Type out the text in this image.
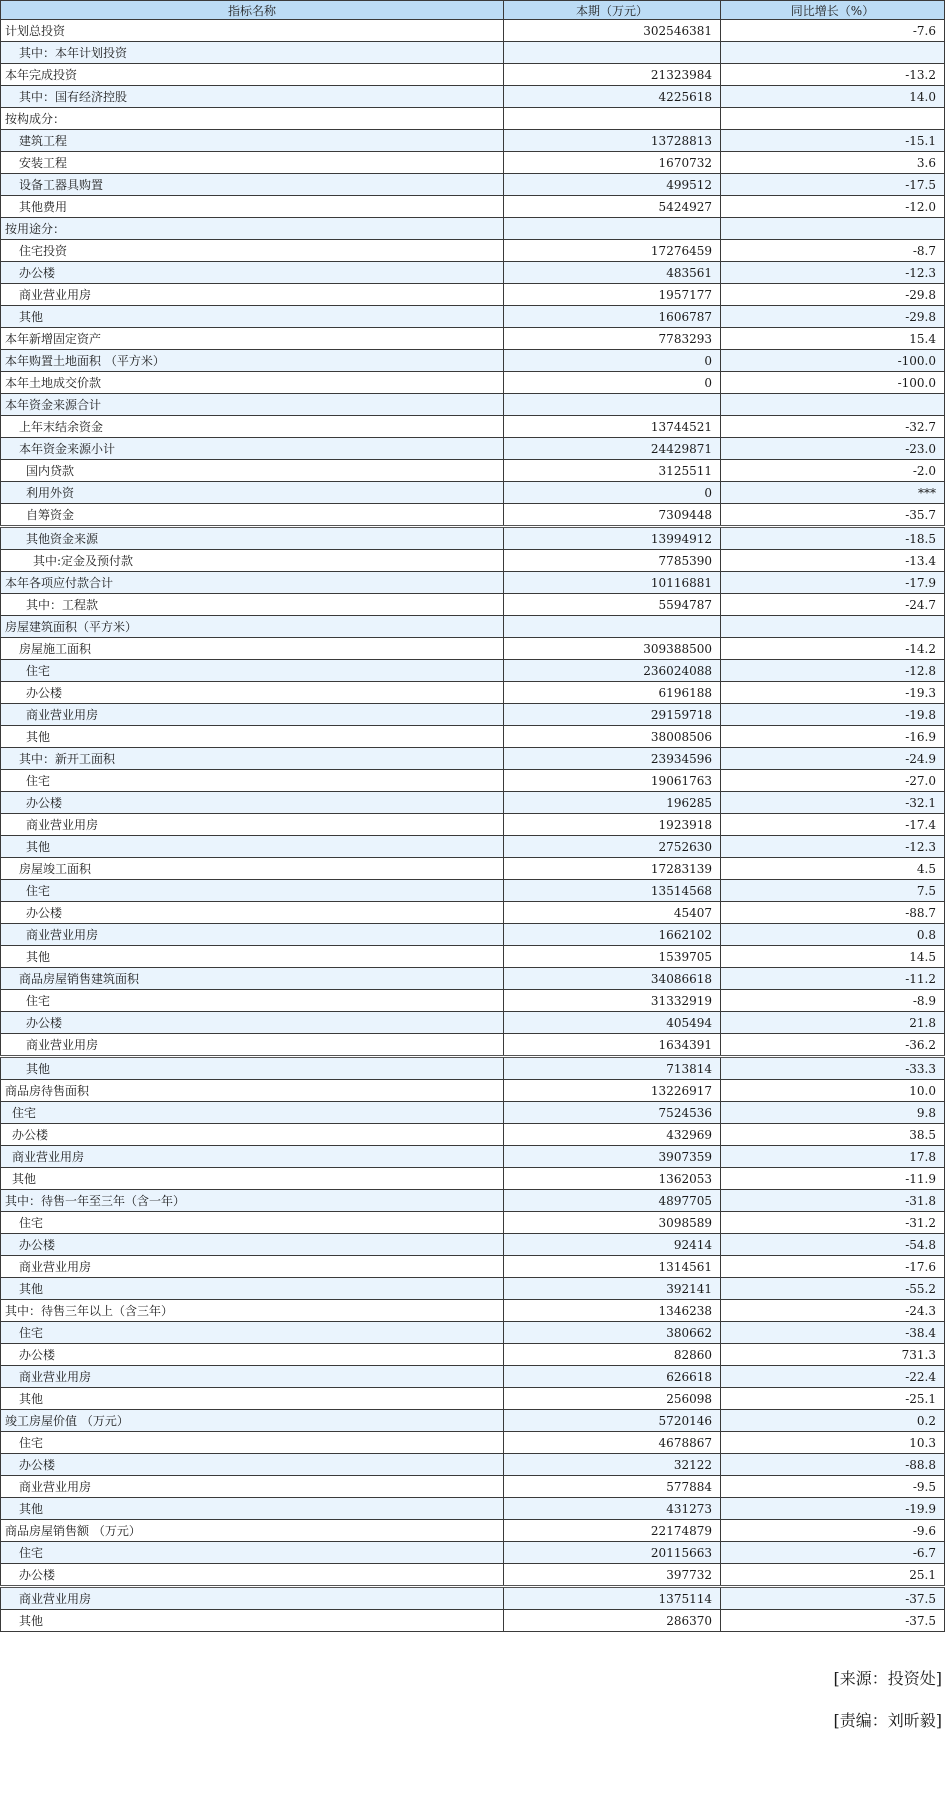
指标名称	本期（万元）	同比增长（%）
计划总投资	302546381	-7.6
其中：本年计划投资		
本年完成投资	21323984	-13.2
其中：国有经济控股	4225618	14.0
按构成分：		
建筑工程	13728813	-15.1
安装工程	1670732	3.6
设备工器具购置	499512	-17.5
其他费用	5424927	-12.0
按用途分：		
住宅投资	17276459	-8.7
办公楼	483561	-12.3
商业营业用房	1957177	-29.8
其他	1606787	-29.8
本年新增固定资产	7783293	15.4
本年购置土地面积 （平方米）	0	-100.0
本年土地成交价款	0	-100.0
本年资金来源合计		
上年末结余资金	13744521	-32.7
本年资金来源小计	24429871	-23.0
国内贷款	3125511	-2.0
利用外资	0	***
自筹资金	7309448	-35.7
其他资金来源	13994912	-18.5
其中:定金及预付款	7785390	-13.4
本年各项应付款合计	10116881	-17.9
其中：工程款	5594787	-24.7
房屋建筑面积（平方米）		
房屋施工面积	309388500	-14.2
住宅	236024088	-12.8
办公楼	6196188	-19.3
商业营业用房	29159718	-19.8
其他	38008506	-16.9
其中：新开工面积	23934596	-24.9
住宅	19061763	-27.0
办公楼	196285	-32.1
商业营业用房	1923918	-17.4
其他	2752630	-12.3
房屋竣工面积	17283139	4.5
住宅	13514568	7.5
办公楼	45407	-88.7
商业营业用房	1662102	0.8
其他	1539705	14.5
商品房屋销售建筑面积	34086618	-11.2
住宅	31332919	-8.9
办公楼	405494	21.8
商业营业用房	1634391	-36.2
其他	713814	-33.3
商品房待售面积	13226917	10.0
住宅	7524536	9.8
办公楼	432969	38.5
商业营业用房	3907359	17.8
其他	1362053	-11.9
其中：待售一年至三年（含一年）	4897705	-31.8
住宅	3098589	-31.2
办公楼	92414	-54.8
商业营业用房	1314561	-17.6
其他	392141	-55.2
其中：待售三年以上（含三年）	1346238	-24.3
住宅	380662	-38.4
办公楼	82860	731.3
商业营业用房	626618	-22.4
其他	256098	-25.1
竣工房屋价值 （万元）	5720146	0.2
住宅	4678867	10.3
办公楼	32122	-88.8
商业营业用房	577884	-9.5
其他	431273	-19.9
商品房屋销售额 （万元）	22174879	-9.6
住宅	20115663	-6.7
办公楼	397732	25.1
商业营业用房	1375114	-37.5
其他	286370	-37.5
[来源：投资处]
[责编：刘昕毅]
